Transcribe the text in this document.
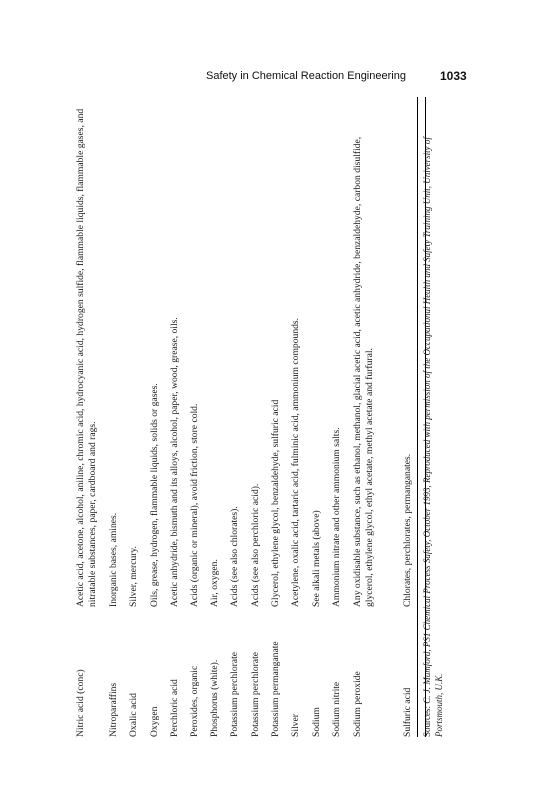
Safety in Chemical Reaction Engineering	1033
Nitric acid (conc)
Acetic acid, acetone, alcohol, aniline, chromic acid, hydrocyanic acid, hydrogen sulfide, flammable liquids, flammable gases, and nitratable substances, paper, cardboard and rags.
Nitroparaffins
Inorganic bases, amines.
Oxalic acid
Silver, mercury.
Oxygen
Oils, grease, hydrogen, flammable liquids, solids or gases.
Perchloric acid
Acetic anhydride, bismuth and its alloys, alcohol, paper, wood, grease, oils.
Peroxides, organic
Acids (organic or mineral), avoid friction, store cold.
Phosphorus (white).
Air, oxygen.
Potassium perchlorate
Acids (see also chlorates).
Potassium perchlorate
Acids (see also perchloric acid).
Potassium permanganate
Glycerol, ethylene glycol, benzaldehyde, sulfuric acid
Silver
Acetylene, oxalic acid, tartaric acid, fulminic acid, ammonium compounds.
Sodium
See alkali metals (above)
Sodium nitrite
Ammonium nitrate and other ammonium salts.
Sodium peroxide
Any oxidisable substance, such as ethanol, methanol, glacial acetic acid, acetic anhydride, benzaldehyde, carbon disulfide, glycerol, ethylene glycol, ethyl acetate, methyl acetate and furfural.
Sulfuric acid
Chlorates, perchlorates, permanganates.
Sources: C. J. Mumford, PS1 Chemical Process Safety, October 1993, Reproduced with permission of the Occupational Health and Safety Training Unit, University of Portsmouth, U.K.
